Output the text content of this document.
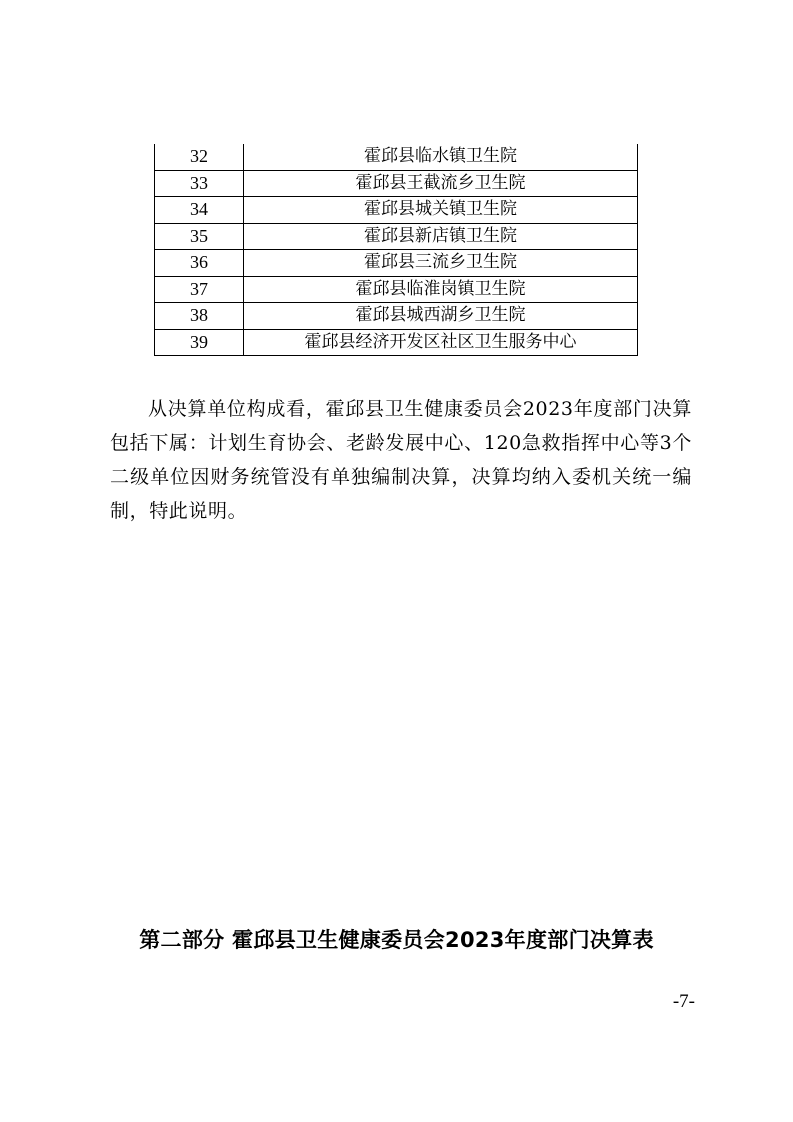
32	霍邱县临水镇卫生院
33	霍邱县王截流乡卫生院
34	霍邱县城关镇卫生院
35	霍邱县新店镇卫生院
36	霍邱县三流乡卫生院
37	霍邱县临淮岗镇卫生院
38	霍邱县城西湖乡卫生院
39	霍邱县经济开发区社区卫生服务中心

从决算单位构成看，霍邱县卫生健康委员会2023年度部门决算包括下属：计划生育协会、老龄发展中心、120急救指挥中心等3个二级单位因财务统管没有单独编制决算，决算均纳入委机关统一编制，特此说明。

第二部分 霍邱县卫生健康委员会2023年度部门决算表
-7-
